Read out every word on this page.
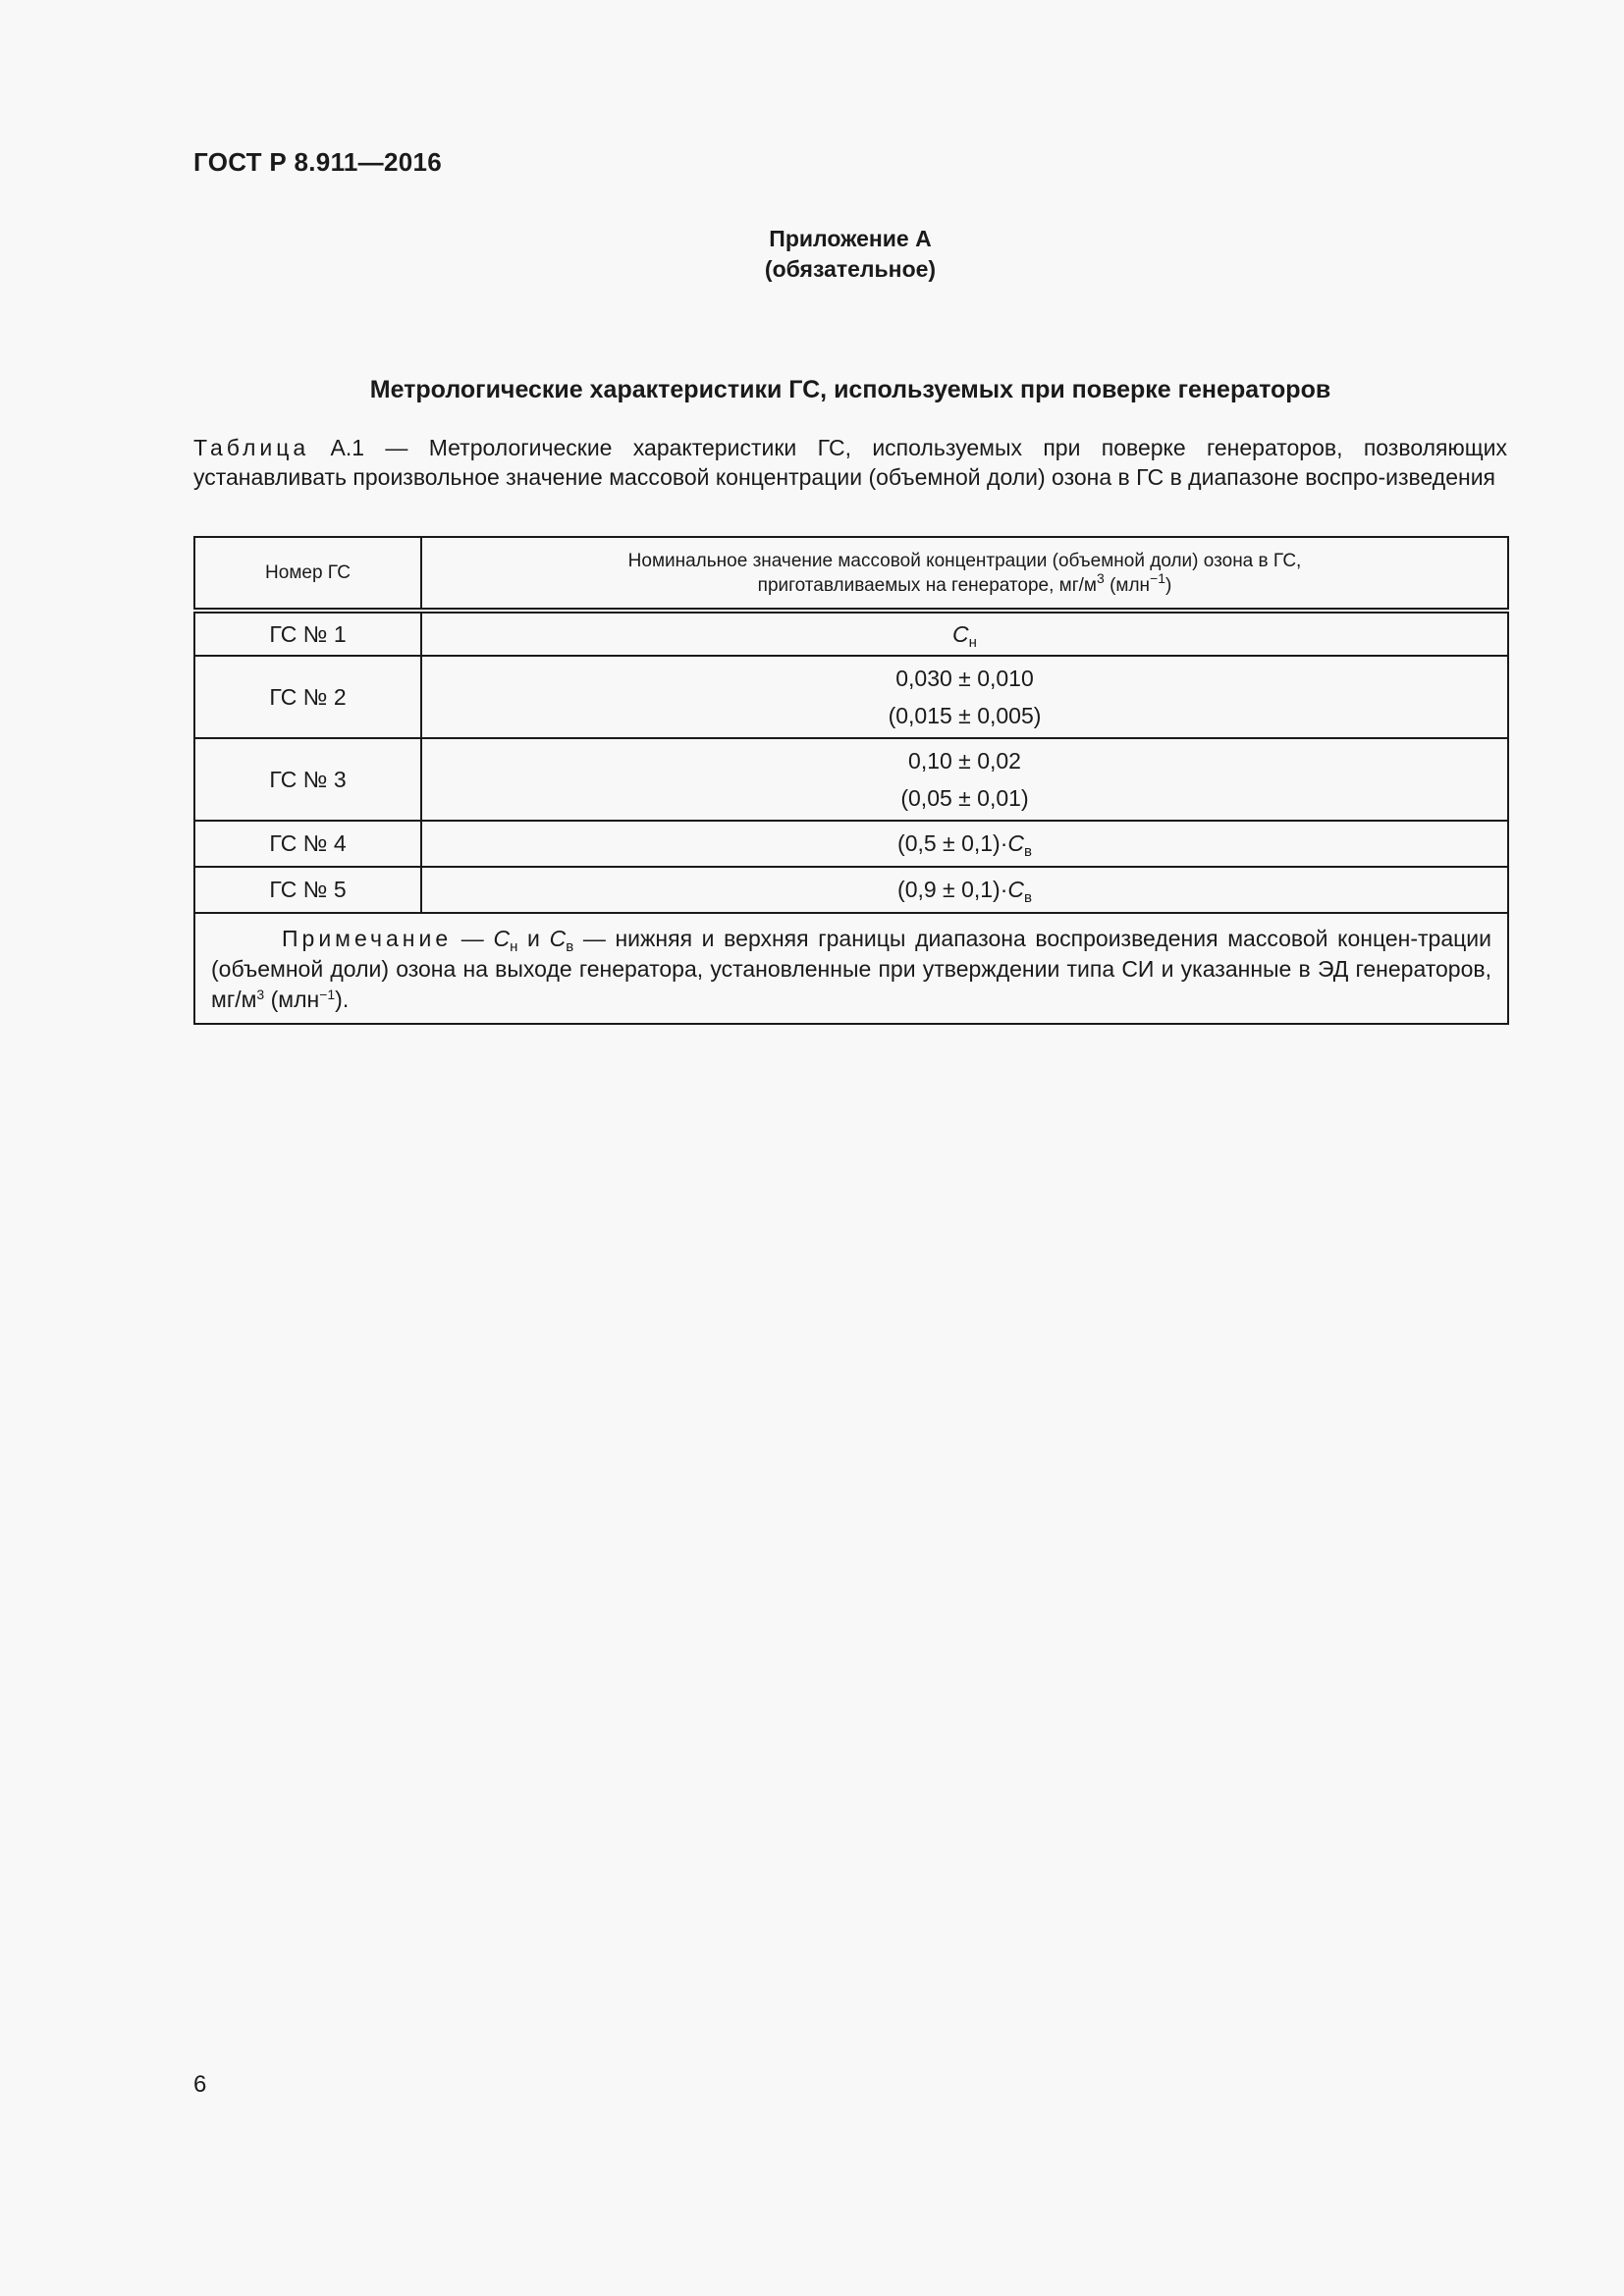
ГОСТ Р 8.911—2016
Приложение А
(обязательное)
Метрологические характеристики ГС, используемых при поверке генераторов
Таблица А.1 — Метрологические характеристики ГС, используемых при поверке генераторов, позволяющих устанавливать произвольное значение массовой концентрации (объемной доли) озона в ГС в диапазоне воспро-изведения
Номер ГС	Номинальное значение массовой концентрации (объемной доли) озона в ГС,
приготавливаемых на генераторе, $мг/м^3$ (млн$^{-1}$)
ГС № 1	$C_н$
ГС № 2	0,030 ± 0,010
(0,015 ± 0,005)
ГС № 3	0,10 ± 0,02
(0,05 ± 0,01)
ГС № 4	$(0,5 \pm 0,1)\cdot C_в$
ГС № 5	$(0,9 \pm 0,1)\cdot C_в$
Примечание — $C_н$ и $C_в$ — нижняя и верхняя границы диапазона воспроизведения массовой концен-трации (объемной доли) озона на выходе генератора, установленные при утверждении типа СИ и указанные в ЭД генераторов, $мг/м^3$ (млн$^{-1}$).	
6
